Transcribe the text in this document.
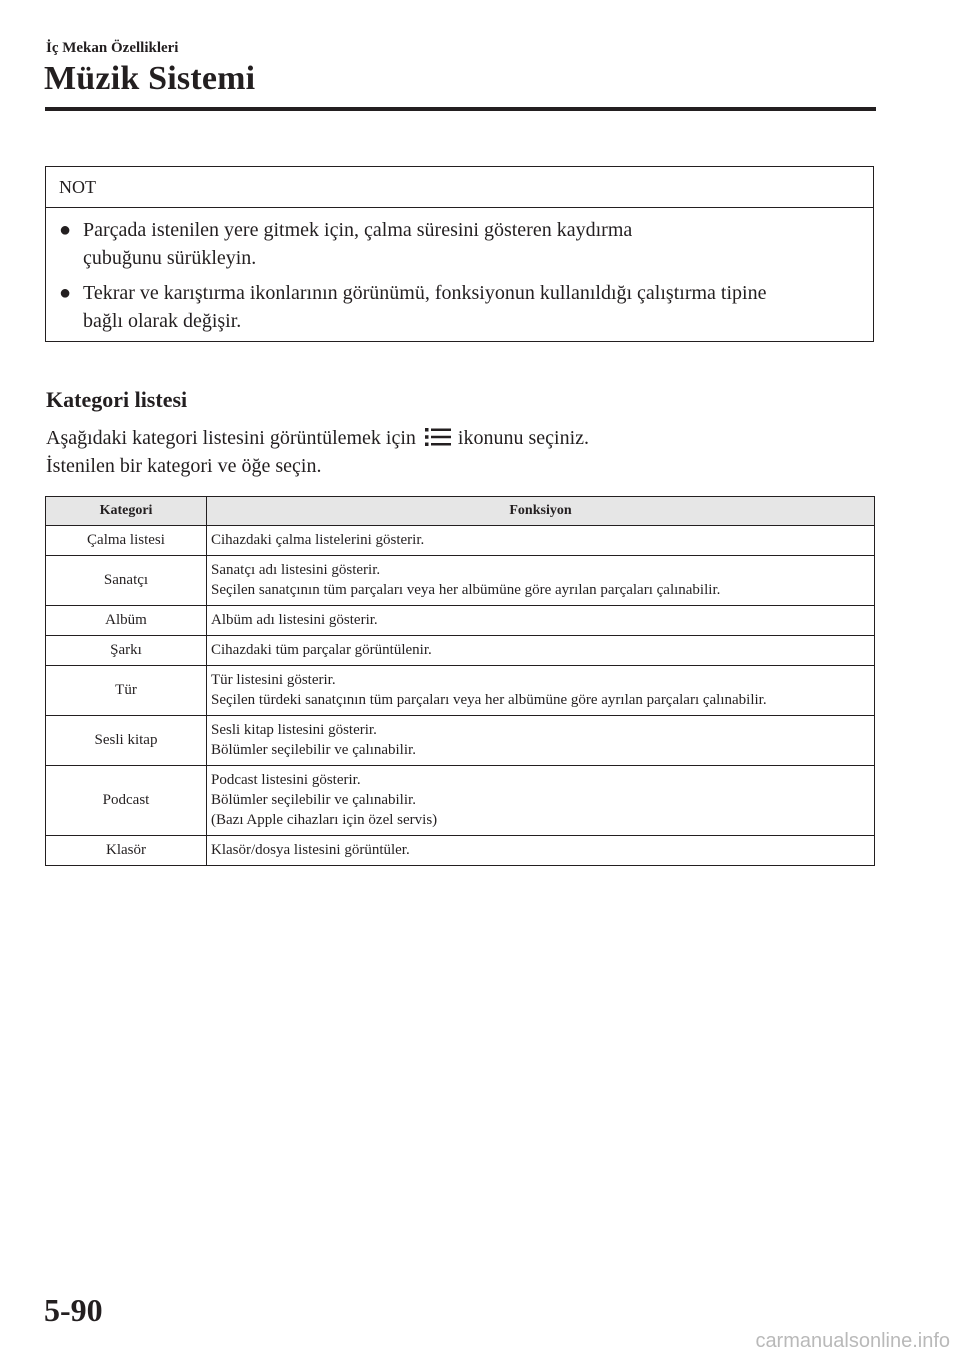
İç Mekan Özellikleri

Müzik Sistemi
NOT
● Parçada istenilen yere gitmek için, çalma süresini gösteren kaydırma
çubuğunu sürükleyin.
● Tekrar ve karıştırma ikonlarının görünümü, fonksiyonun kullanıldığı çalıştırma tipine
bağlı olarak değişir.
Kategori listesi

Aşağıdaki kategori listesini görüntülemek için ikonunu seçiniz.

İstenilen bir kategori ve öğe seçin.

Kategori	Fonksiyon
Çalma listesi	Cihazdaki çalma listelerini gösterir.

Sanatçı	Sanatçı adı listesini gösterir.
Seçilen sanatçının tüm parçaları veya her albümüne göre ayrılan parçaları çalınabilir.

Albüm	Albüm adı listesini gösterir.

Şarkı	Cihazdaki tüm parçalar görüntülenir.

Tür	Tür listesini gösterir.
Seçilen türdeki sanatçının tüm parçaları veya her albümüne göre ayrılan parçaları çalınabilir.

Sesli kitap	Sesli kitap listesini gösterir.
Bölümler seçilebilir ve çalınabilir.

Podcast	Podcast listesini gösterir.
Bölümler seçilebilir ve çalınabilir.
(Bazı Apple cihazları için özel servis)

Klasör	Klasör/dosya listesini görüntüler.

5-90

carmanualsonline.info
